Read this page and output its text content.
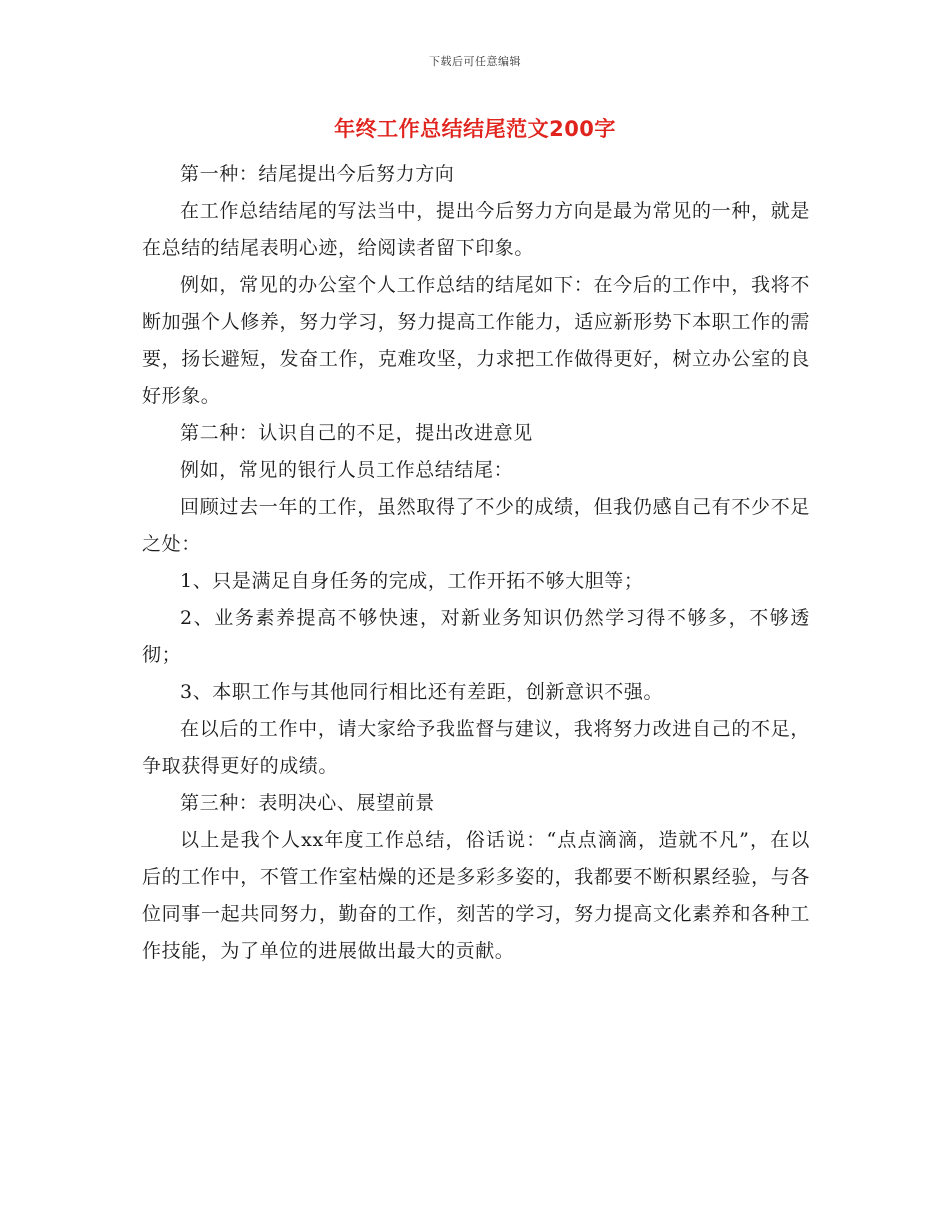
下载后可任意编辑
年终工作总结结尾范文200字

第一种：结尾提出今后努力方向

在工作总结结尾的写法当中，提出今后努力方向是最为常见的一种，就是在总结的结尾表明心迹，给阅读者留下印象。

例如，常见的办公室个人工作总结的结尾如下：在今后的工作中，我将不断加强个人修养，努力学习，努力提高工作能力，适应新形势下本职工作的需要，扬长避短，发奋工作，克难攻坚，力求把工作做得更好，树立办公室的良好形象。

第二种：认识自己的不足，提出改进意见

例如，常见的银行人员工作总结结尾：

回顾过去一年的工作，虽然取得了不少的成绩，但我仍感自己有不少不足之处：

1、只是满足自身任务的完成，工作开拓不够大胆等；

2、业务素养提高不够快速，对新业务知识仍然学习得不够多，不够透彻；

3、本职工作与其他同行相比还有差距，创新意识不强。

在以后的工作中，请大家给予我监督与建议，我将努力改进自己的不足，争取获得更好的成绩。

第三种：表明决心、展望前景

以上是我个人xx年度工作总结，俗话说：“点点滴滴，造就不凡”，在以后的工作中，不管工作室枯燥的还是多彩多姿的，我都要不断积累经验，与各位同事一起共同努力，勤奋的工作，刻苦的学习，努力提高文化素养和各种工作技能，为了单位的进展做出最大的贡献。
